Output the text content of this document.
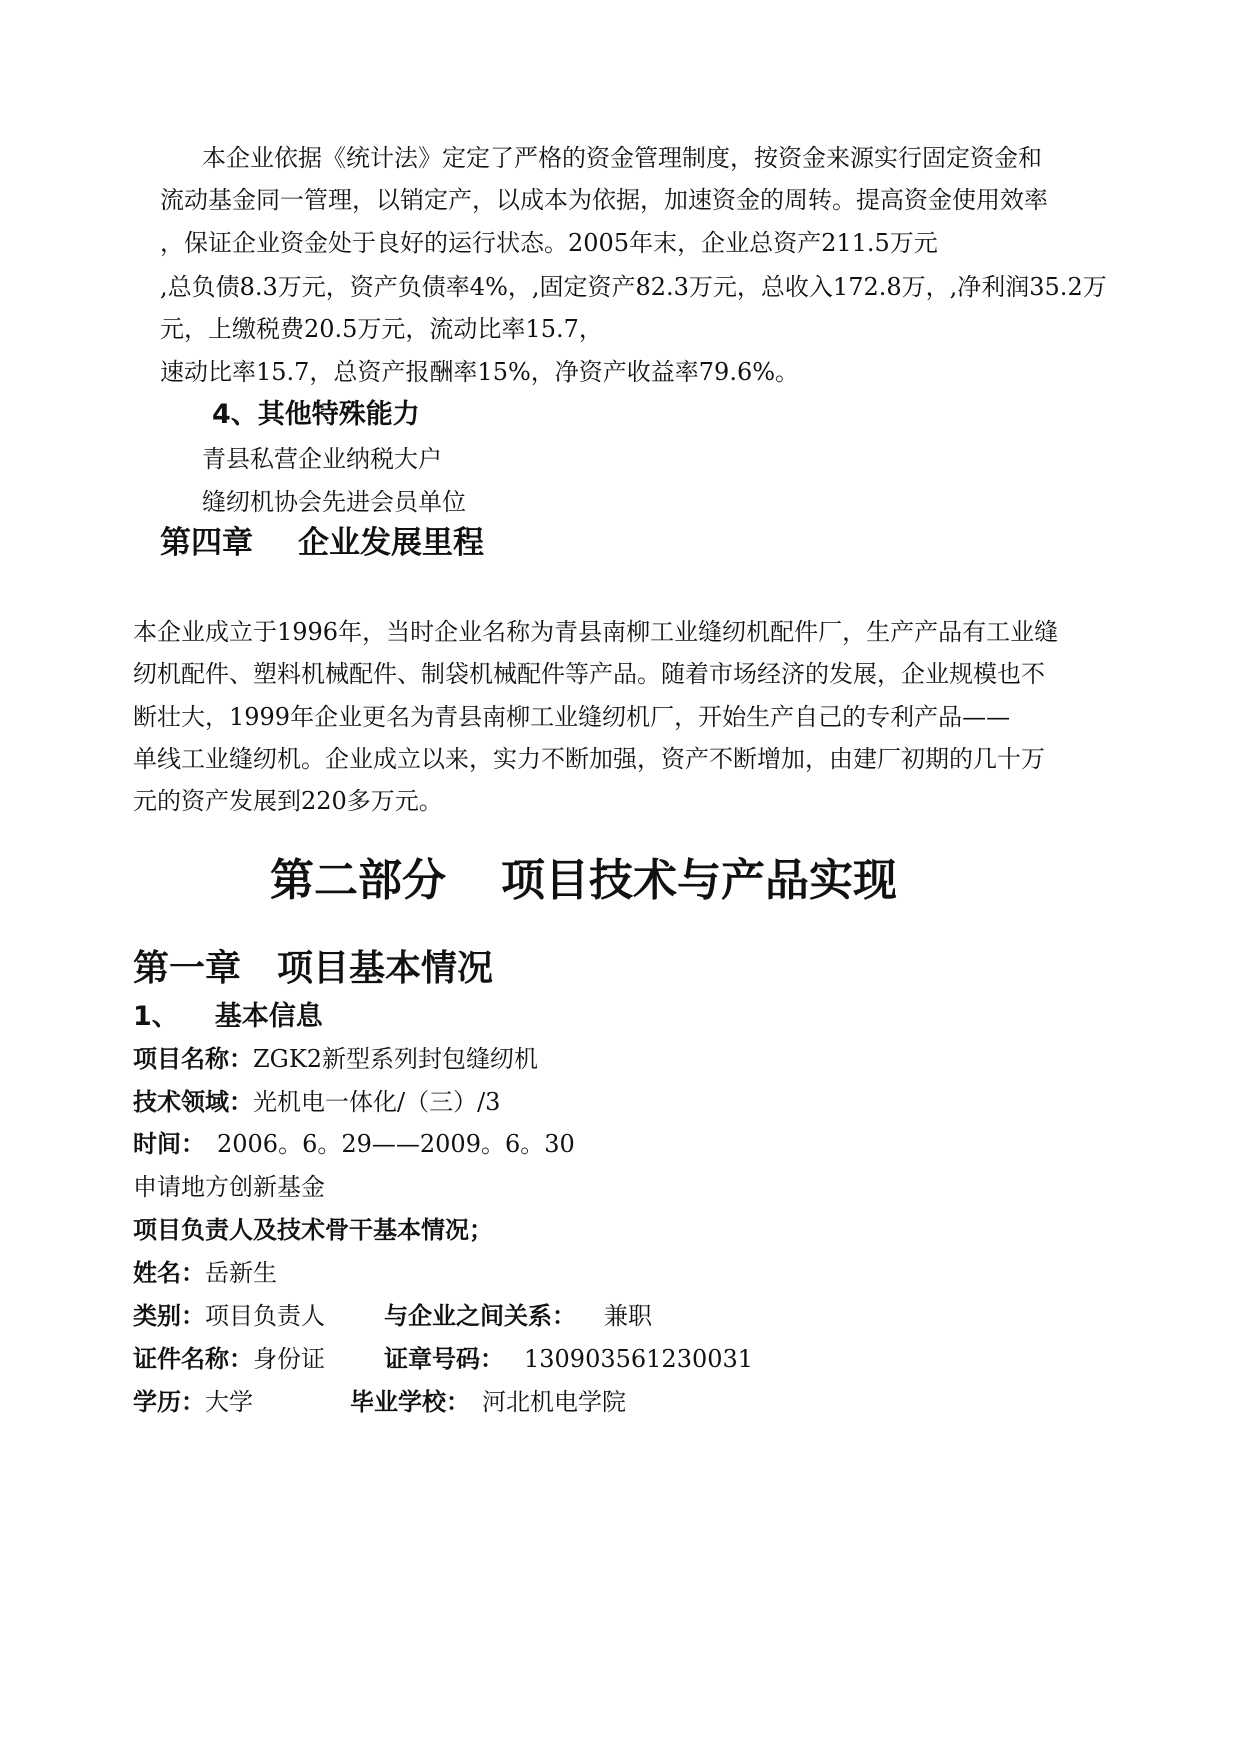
本企业依据《统计法》定定了严格的资金管理制度，按资金来源实行固定资金和

流动基金同一管理，以销定产，以成本为依据，加速资金的周转。提高资金使用效率

，保证企业资金处于良好的运行状态。2005年末，企业总资产211.5万元

,总负债8.3万元，资产负债率4%，,固定资产82.3万元，总收入172.8万，,净利润35.2万

元，上缴税费20.5万元，流动比率15.7，

速动比率15.7，总资产报酬率15%，净资产收益率79.6%。

4、其他特殊能力

青县私营企业纳税大户

缝纫机协会先进会员单位

第四章 企业发展里程

本企业成立于1996年，当时企业名称为青县南柳工业缝纫机配件厂，生产产品有工业缝

纫机配件、塑料机械配件、制袋机械配件等产品。随着市场经济的发展，企业规模也不

断壮大，1999年企业更名为青县南柳工业缝纫机厂，开始生产自己的专利产品——

单线工业缝纫机。企业成立以来，实力不断加强，资产不断增加，由建厂初期的几十万

元的资产发展到220多万元。

第二部分 项目技术与产品实现

第一章 项目基本情况

1、 基本信息

项目名称：ZGK2新型系列封包缝纫机

技术领域：光机电一体化/（三）/3

时间： 2006。6。29——2009。6。30

申请地方创新基金

项目负责人及技术骨干基本情况；

姓名：岳新生

类别：项目负责人 与企业之间关系： 兼职

证件名称：身份证 证章号码： 130903561230031

学历：大学	毕业学校： 河北机电学院
